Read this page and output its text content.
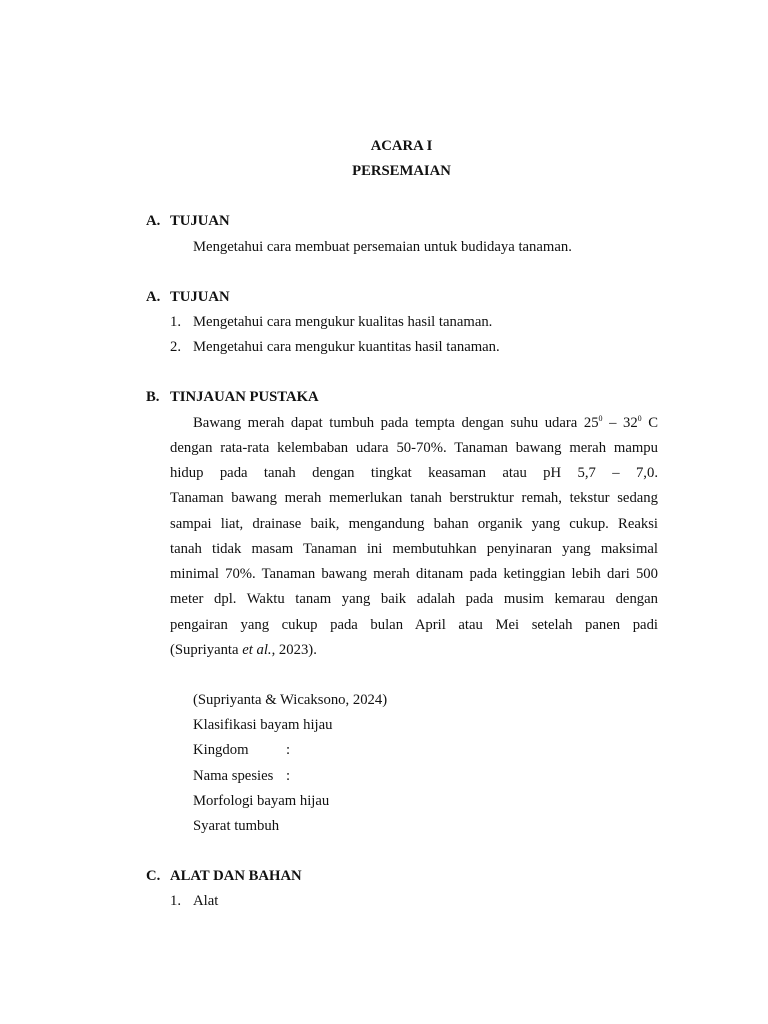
ACARA I
PERSEMAIAN
A. TUJUAN
Mengetahui cara membuat persemaian untuk budidaya tanaman.
A. TUJUAN
1. Mengetahui cara mengukur kualitas hasil tanaman.
2. Mengetahui cara mengukur kuantitas hasil tanaman.
B. TINJAUAN PUSTAKA
Bawang merah dapat tumbuh pada tempta dengan suhu udara $25^0 - 32^0$ C
dengan rata-rata kelembaban udara 50-70%. Tanaman bawang merah mampu
hidup pada tanah dengan tingkat keasaman atau pH 5,7 – 7,0.
Tanaman bawang merah memerlukan tanah berstruktur remah, tekstur sedang
sampai liat, drainase baik, mengandung bahan organik yang cukup. Reaksi
tanah tidak masam Tanaman ini membutuhkan penyinaran yang maksimal
minimal 70%. Tanaman bawang merah ditanam pada ketinggian lebih dari 500
meter dpl. Waktu tanam yang baik adalah pada musim kemarau dengan
pengairan yang cukup pada bulan April atau Mei setelah panen padi
(Supriyanta et al., 2023).
(Supriyanta & Wicaksono, 2024)
Klasifikasi bayam hijau
Kingdom	:
Nama spesies :
Morfologi bayam hijau
Syarat tumbuh
C. ALAT DAN BAHAN
1. Alat
